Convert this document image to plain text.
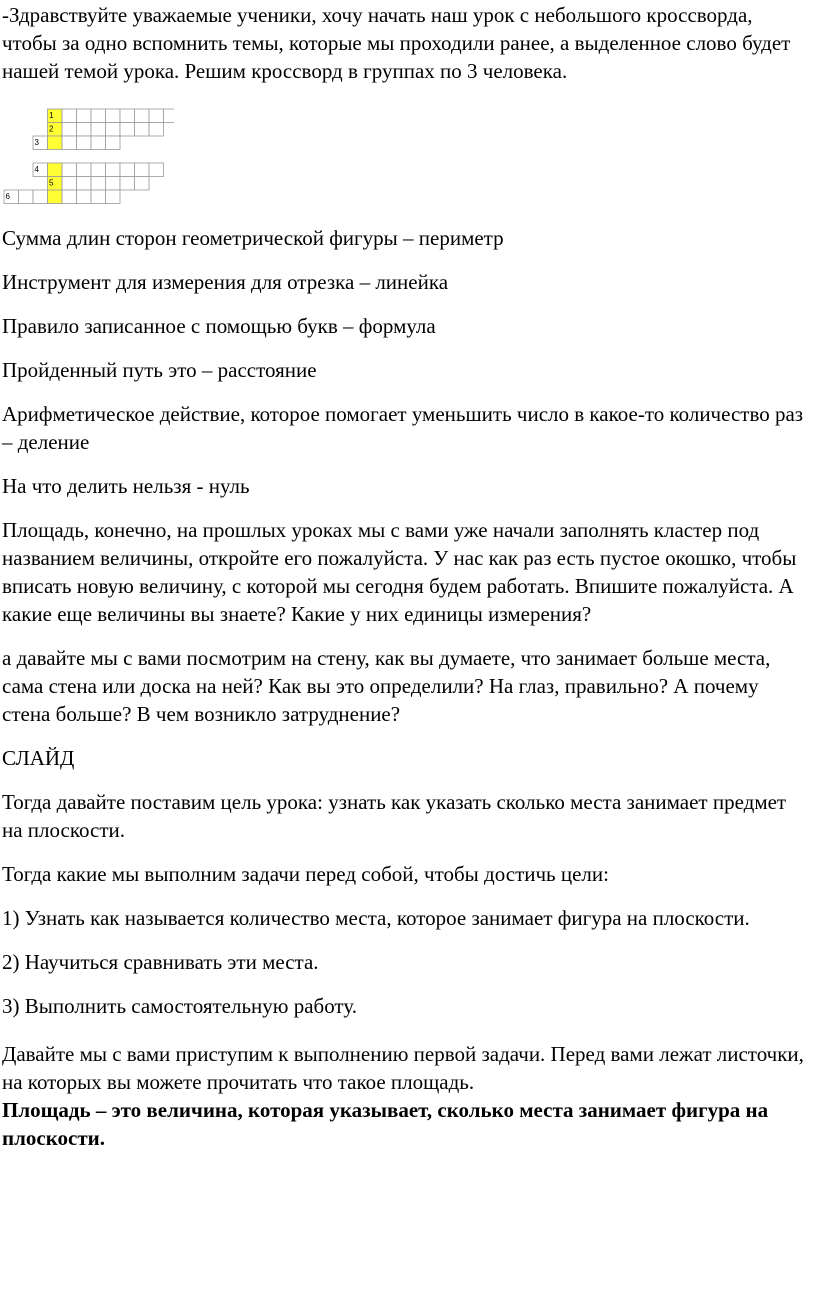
-Здравствуйте уважаемые ученики, хочу начать наш урок с небольшого кроссворда, чтобы за одно вспомнить темы, которые мы проходили ранее, а выделенное слово будет нашей темой урока. Решим кроссворд в группах по 3 человека.

1
2
3
4
5
6

Сумма длин сторон геометрической фигуры – периметр

Инструмент для измерения для отрезка – линейка

Правило записанное с помощью букв – формула

Пройденный путь это – расстояние

Арифметическое действие, которое помогает уменьшить число в какое-то количество раз – деление

На что делить нельзя - нуль

Площадь, конечно, на прошлых уроках мы с вами уже начали заполнять кластер под названием величины, откройте его пожалуйста. У нас как раз есть пустое окошко, чтобы вписать новую величину, с которой мы сегодня будем работать. Впишите пожалуйста. А какие еще величины вы знаете? Какие у них единицы измерения?

а давайте мы с вами посмотрим на стену, как вы думаете, что занимает больше места, сама стена или доска на ней? Как вы это определили? На глаз, правильно? А почему стена больше? В чем возникло затруднение?

СЛАЙД

Тогда давайте поставим цель урока: узнать как указать сколько места занимает предмет на плоскости.

Тогда какие мы выполним задачи перед собой, чтобы достичь цели:

1) Узнать как называется количество места, которое занимает фигура на плоскости.

2) Научиться сравнивать эти места.

3) Выполнить самостоятельную работу.

Давайте мы с вами приступим к выполнению первой задачи. Перед вами лежат листочки, на которых вы можете прочитать что такое площадь.

Площадь – это величина, которая указывает, сколько места занимает фигура на плоскости.
